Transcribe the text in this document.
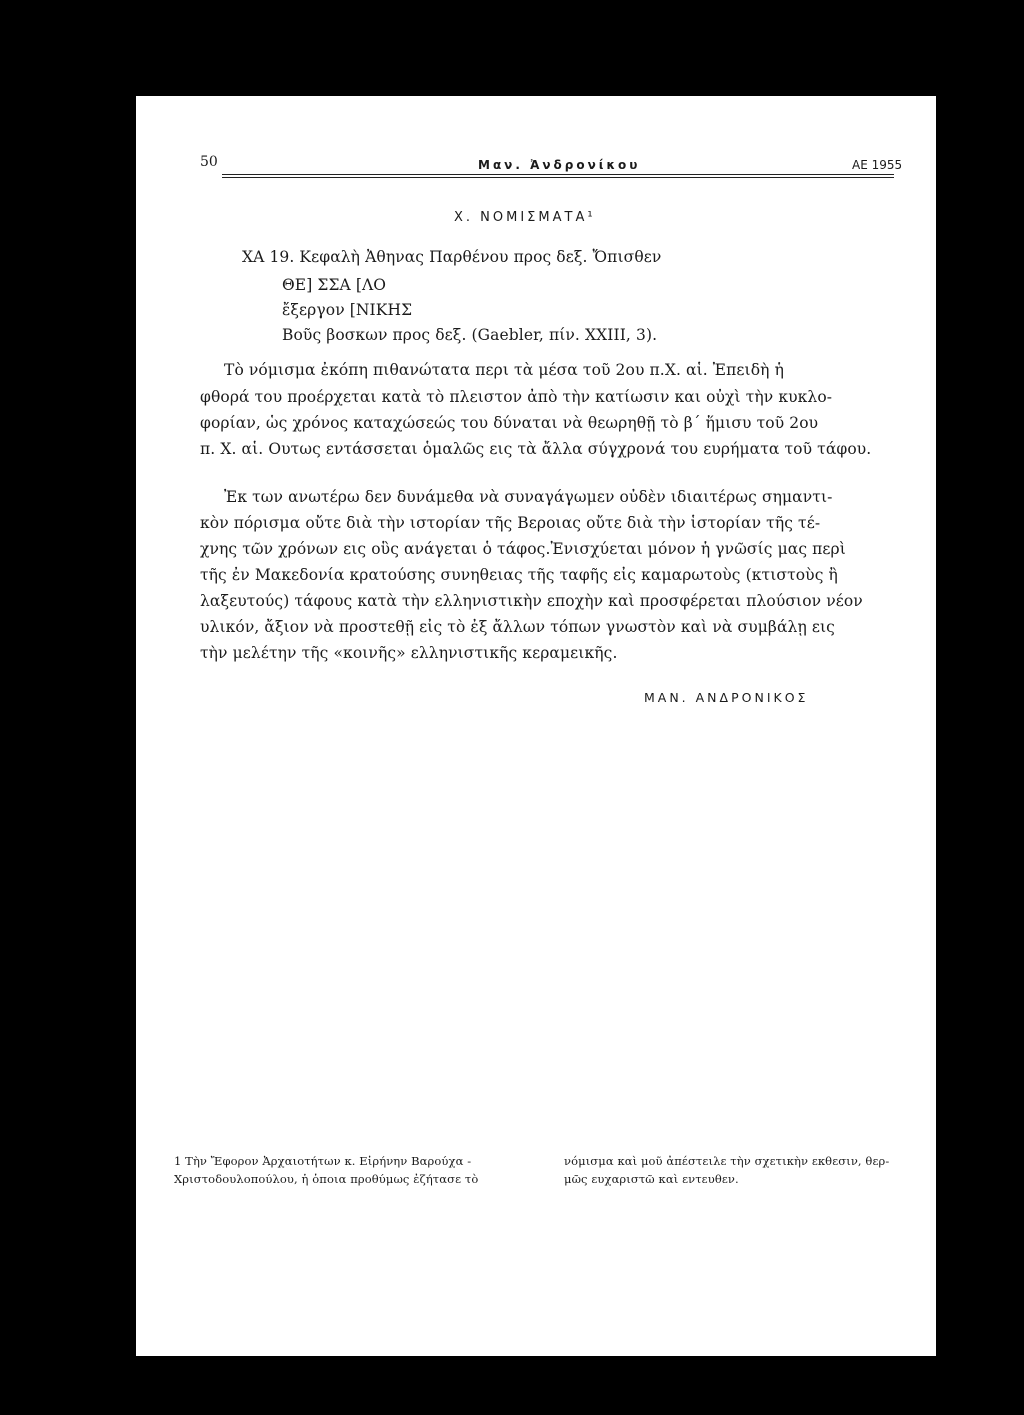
50	Μαν. Ἀνδρονίκου	ΑΕ 1955
Χ. ΝΟΜΙΣΜΑΤΑ¹
ΧΑ 19. Κεφαλὴ Ἀθηνας Παρθένου προς δεξ. Ὄπισθεν
ΘΕ] ΣΣΑ [ΛΟ
ἔξεργον [ΝΙΚΗΣ
Βοῦς βοσκων προς δεξ. (Gaebler, πίν. XXIII, 3).
Τὸ νόμισμα ἐκόπη πιθανώτατα περι τὰ μέσα τοῦ 2ου π.Χ. αἱ. Ἐπειδὴ ἡ
φθορά του προέρχεται κατὰ τὸ πλειστον ἀπὸ τὴν κατίωσιν και οὐχὶ τὴν κυκλο-
φορίαν, ὡς χρόνος καταχώσεώς του δύναται νὰ θεωρηθῇ τὸ β΄ ἥμισυ τοῦ 2ου
π. Χ. αἱ. Ουτως εντάσσεται ὁμαλῶς εις τὰ ἄλλα σύγχρονά του ευρήματα τοῦ τάφου.
Ἐκ των ανωτέρω δεν δυνάμεθα νὰ συναγάγωμεν οὐδὲν ιδιαιτέρως σημαντι-
κὸν πόρισμα οὔτε διὰ τὴν ιστορίαν τῆς Βεροιας οὔτε διὰ τὴν ἱστορίαν τῆς τέ-
χνης τῶν χρόνων εις οὓς ανάγεται ὁ τάφος.Ἐνισχύεται μόνον ἡ γνῶσίς μας περὶ
τῆς ἐν Μακεδονία κρατούσης συνηθειας τῆς ταφῆς εἰς καμαρωτοὺς (κτιστοὺς ἢ
λαξευτούς) τάφους κατὰ τὴν ελληνιστικὴν εποχὴν καὶ προσφέρεται πλούσιον νέον
υλικόν, ἄξιον νὰ προστεθῇ εἰς τὸ ἐξ ἄλλων τόπων γνωστὸν καὶ νὰ συμβάλῃ εις
τὴν μελέτην τῆς «κοινῆς» ελληνιστικῆς κεραμεικῆς.
ΜΑΝ. ΑΝΔΡΟΝΙΚΟΣ
1 Τὴν Ἔφορον Ἀρχαιοτήτων κ. Εἰρήνην Βαρούχα -
Χριστοδουλοπούλου, ἡ ὁποια προθύμως ἐζήτασε τὸ
νόμισμα καὶ μοῦ ἀπέστειλε τὴν σχετικὴν εκθεσιν, θερ-
μῶς ευχαριστῶ καὶ εντευθεν.
